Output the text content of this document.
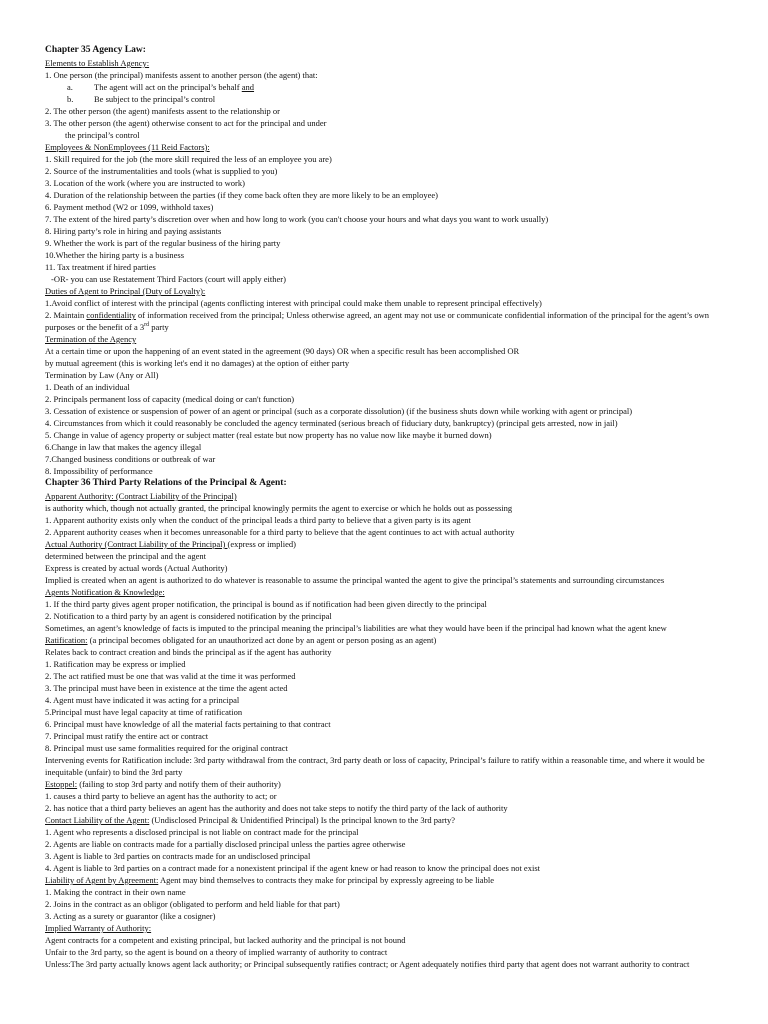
Chapter 35 Agency Law:
Elements to Establish Agency:
1. One person (the principal) manifests assent to another person (the agent) that:
a. The agent will act on the principal’s behalf and
b. Be subject to the principal’s control
2. The other person (the agent) manifests assent to the relationship or
3. The other person (the agent) otherwise consent to act for the principal and under
the principal’s control
Employees & NonEmployees (11 Reid Factors):
1. Skill required for the job (the more skill required the less of an employee you are)
2. Source of the instrumentalities and tools (what is supplied to you)
3. Location of the work (where you are instructed to work)
4. Duration of the relationship between the parties (if they come back often they are more likely to be an employee)
6. Payment method (W2 or 1099, withhold taxes)
7. The extent of the hired party’s discretion over when and how long to work (you can't choose your hours and what days you want to work usually)
8. Hiring party’s role in hiring and paying assistants
9. Whether the work is part of the regular business of the hiring party
10.Whether the hiring party is a business
11. Tax treatment if hired parties
-OR- you can use Restatement Third Factors (court will apply either)
Duties of Agent to Principal (Duty of Loyalty):
1.Avoid conflict of interest with the principal (agents conflicting interest with principal could make them unable to represent principal effectively)
2. Maintain confidentiality of information received from the principal; Unless otherwise agreed, an agent may not use or communicate confidential information of the principal for the agent’s own purposes or the benefit of a 3rd party
Termination of the Agency
At a certain time or upon the happening of an event stated in the agreement (90 days) OR when a specific result has been accomplished OR
by mutual agreement (this is working let's end it no damages) at the option of either party
Termination by Law (Any or All)
1. Death of an individual
2. Principals permanent loss of capacity (medical doing or can't function)
3. Cessation of existence or suspension of power of an agent or principal (such as a corporate dissolution) (if the business shuts down while working with agent or principal)
4. Circumstances from which it could reasonably be concluded the agency terminated (serious breach of fiduciary duty, bankruptcy) (principal gets arrested, now in jail)
5. Change in value of agency property or subject matter (real estate but now property has no value now like maybe it burned down)
6.Change in law that makes the agency illegal
7.Changed business conditions or outbreak of war
8. Impossibility of performance
Chapter 36 Third Party Relations of the Principal & Agent:
Apparent Authority: (Contract Liability of the Principal)
is authority which, though not actually granted, the principal knowingly permits the agent to exercise or which he holds out as possessing
1. Apparent authority exists only when the conduct of the principal leads a third party to believe that a given party is its agent
2. Apparent authority ceases when it becomes unreasonable for a third party to believe that the agent continues to act with actual authority
Actual Authority (Contract Liability of the Principal) (express or implied)
determined between the principal and the agent
Express is created by actual words (Actual Authority)
Implied is created when an agent is authorized to do whatever is reasonable to assume the principal wanted the agent to give the principal’s statements and surrounding circumstances
Agents Notification & Knowledge:
1. If the third party gives agent proper notification, the principal is bound as if notification had been given directly to the principal
2. Notification to a third party by an agent is considered notification by the principal
Sometimes, an agent’s knowledge of facts is imputed to the principal meaning the principal’s liabilities are what they would have been if the principal had known what the agent knew
Ratification: (a principal becomes obligated for an unauthorized act done by an agent or person posing as an agent)
Relates back to contract creation and binds the principal as if the agent has authority
1. Ratification may be express or implied
2. The act ratified must be one that was valid at the time it was performed
3. The principal must have been in existence at the time the agent acted
4. Agent must have indicated it was acting for a principal
5.Principal must have legal capacity at time of ratification
6. Principal must have knowledge of all the material facts pertaining to that contract
7. Principal must ratify the entire act or contract
8. Principal must use same formalities required for the original contract
Intervening events for Ratification include: 3rd party withdrawal from the contract, 3rd party death or loss of capacity, Principal’s failure to ratify within a reasonable time, and where it would be inequitable (unfair) to bind the 3rd party
Estoppel: (failing to stop 3rd party and notify them of their authority)
1. causes a third party to believe an agent has the authority to act; or
2. has notice that a third party believes an agent has the authority and does not take steps to notify the third party of the lack of authority
Contact Liability of the Agent: (Undisclosed Principal & Unidentified Principal) Is the principal known to the 3rd party?
1. Agent who represents a disclosed principal is not liable on contract made for the principal
2. Agents are liable on contracts made for a partially disclosed principal unless the parties agree otherwise
3. Agent is liable to 3rd parties on contracts made for an undisclosed principal
4. Agent is liable to 3rd parties on a contract made for a nonexistent principal if the agent knew or had reason to know the principal does not exist
Liability of Agent by Agreement: Agent may bind themselves to contracts they make for principal by expressly agreeing to be liable
1. Making the contract in their own name
2. Joins in the contract as an obligor (obligated to perform and held liable for that part)
3. Acting as a surety or guarantor (like a cosigner)
Implied Warranty of Authority:
Agent contracts for a competent and existing principal, but lacked authority and the principal is not bound
Unfair to the 3rd party, so the agent is bound on a theory of implied warranty of authority to contract
Unless:The 3rd party actually knows agent lack authority; or Principal subsequently ratifies contract; or Agent adequately notifies third party that agent does not warrant authority to contract
